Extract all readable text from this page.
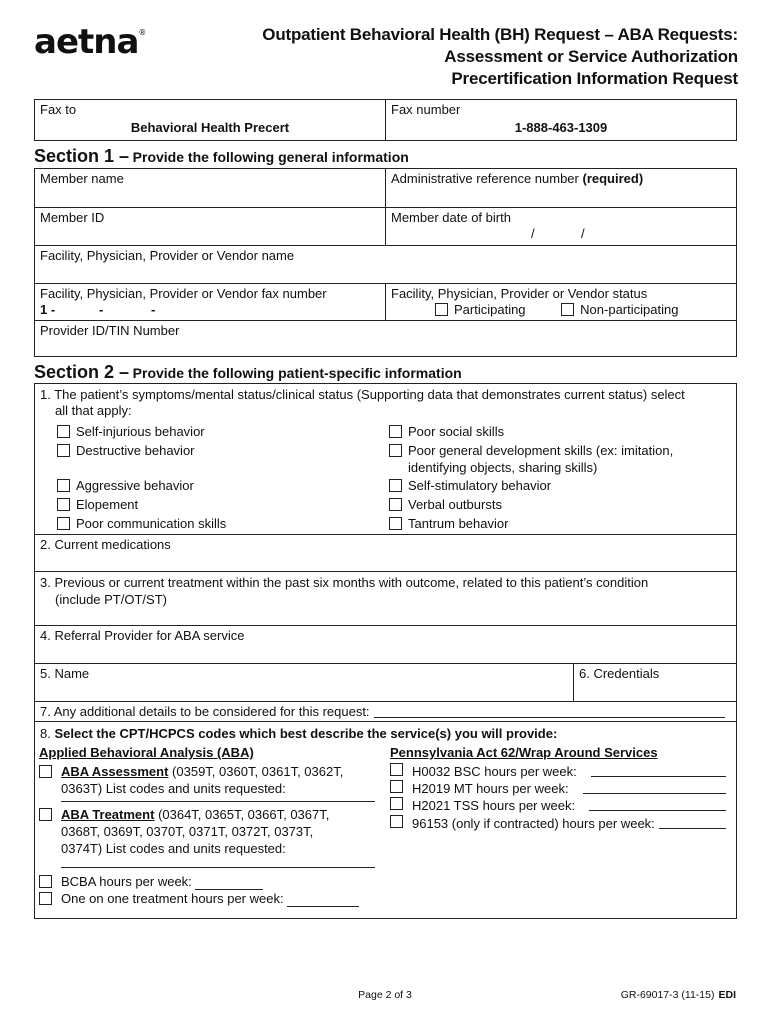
aetna®	Outpatient Behavioral Health (BH) Request – ABA Requests:
Assessment or Service Authorization
Precertification Information Request
Fax to
Behavioral Health Precert
Fax number
1-888-463-1309
Section 1 – Provide the following general information
Member name	Administrative reference number (required)
Member ID	Member date of birth
/	/
Facility, Physician, Provider or Vendor name
Facility, Physician, Provider or Vendor fax number
1 -	-	-
Facility, Physician, Provider or Vendor status
Participating	Non-participating
Provider ID/TIN Number
Section 2 – Provide the following patient-specific information
1. The patient’s symptoms/mental status/clinical status (Supporting data that demonstrates current status) select
all that apply:
Self-injurious behavior
Destructive behavior
Aggressive behavior
Elopement
Poor communication skills
Poor social skills
Poor general development skills (ex: imitation,
identifying objects, sharing skills)
Self-stimulatory behavior
Verbal outbursts
Tantrum behavior
2. Current medications
3. Previous or current treatment within the past six months with outcome, related to this patient’s condition
(include PT/OT/ST)
4. Referral Provider for ABA service
5. Name	6. Credentials
7. Any additional details to be considered for this request:
8. Select the CPT/HCPCS codes which best describe the service(s) you will provide:
Applied Behavioral Analysis (ABA)
ABA Assessment (0359T, 0360T, 0361T, 0362T,
0363T) List codes and units requested:
ABA Treatment (0364T, 0365T, 0366T, 0367T,
0368T, 0369T, 0370T, 0371T, 0372T, 0373T,
0374T) List codes and units requested:
BCBA hours per week:
One on one treatment hours per week:
Pennsylvania Act 62/Wrap Around Services
H0032 BSC hours per week:
H2019 MT hours per week:
H2021 TSS hours per week:
96153 (only if contracted) hours per week:
Page 2 of 3	GR-69017-3 (11-15) EDI
